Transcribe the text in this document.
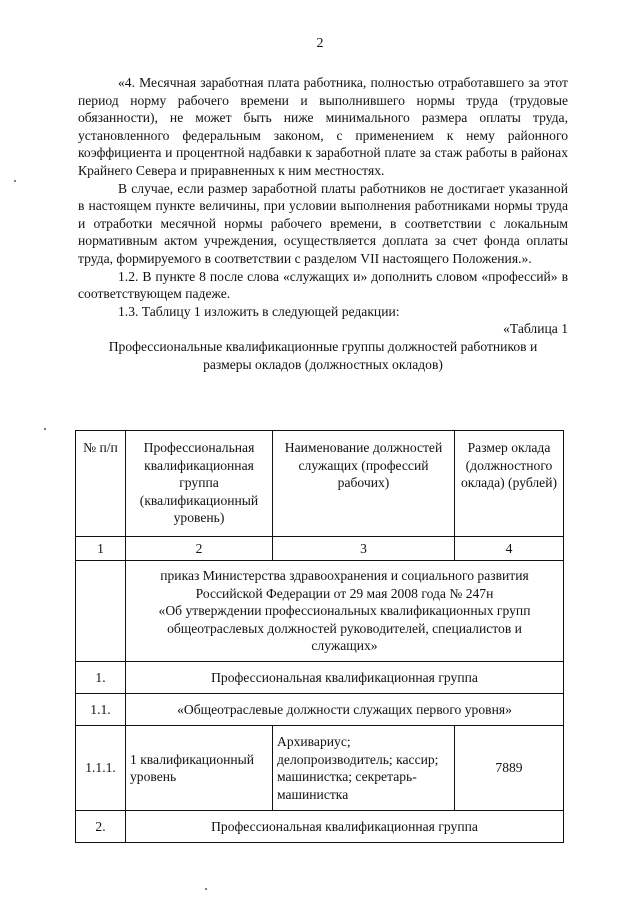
2

«4. Месячная заработная плата работника, полностью отработавшего за этот период норму рабочего времени и выполнившего нормы труда (трудовые обязанности), не может быть ниже минимального размера оплаты труда, установленного федеральным законом, с применением к нему районного коэффициента и процентной надбавки к заработной плате за стаж работы в районах Крайнего Севера и приравненных к ним местностях.

В случае, если размер заработной платы работников не достигает указанной в настоящем пункте величины, при условии выполнения работниками нормы труда и отработки месячной нормы рабочего времени, в соответствии с локальным нормативным актом учреждения, осуществляется доплата за счет фонда оплаты труда, формируемого в соответствии с разделом VII настоящего Положения.».

1.2. В пункте 8 после слова «служащих и» дополнить словом «профессий» в соответствующем падеже.

1.3. Таблицу 1 изложить в следующей редакции:

«Таблица 1

Профессиональные квалификационные группы должностей работников и

размеры окладов (должностных окладов)

№ п/п	Профессиональная квалификационная группа (квалификационный уровень)	Наименование должностей служащих (профессий рабочих)	Размер оклада (должностного оклада) (рублей)
1	2	3	4

	приказ Министерства здравоохранения и социального развития
Российской Федерации от 29 мая 2008 года № 247н
«Об утверждении профессиональных квалификационных групп
общеотраслевых должностей руководителей, специалистов и
служащих»		

1.	Профессиональная квалификационная группа		
1.1.	«Общеотраслевые должности служащих первого уровня»		
1.1.1.	1 квалификационный уровень	Архивариус; делопроизводитель; кассир; машинистка; секретарь-машинистка	7889
2.	Профессиональная квалификационная группа		
